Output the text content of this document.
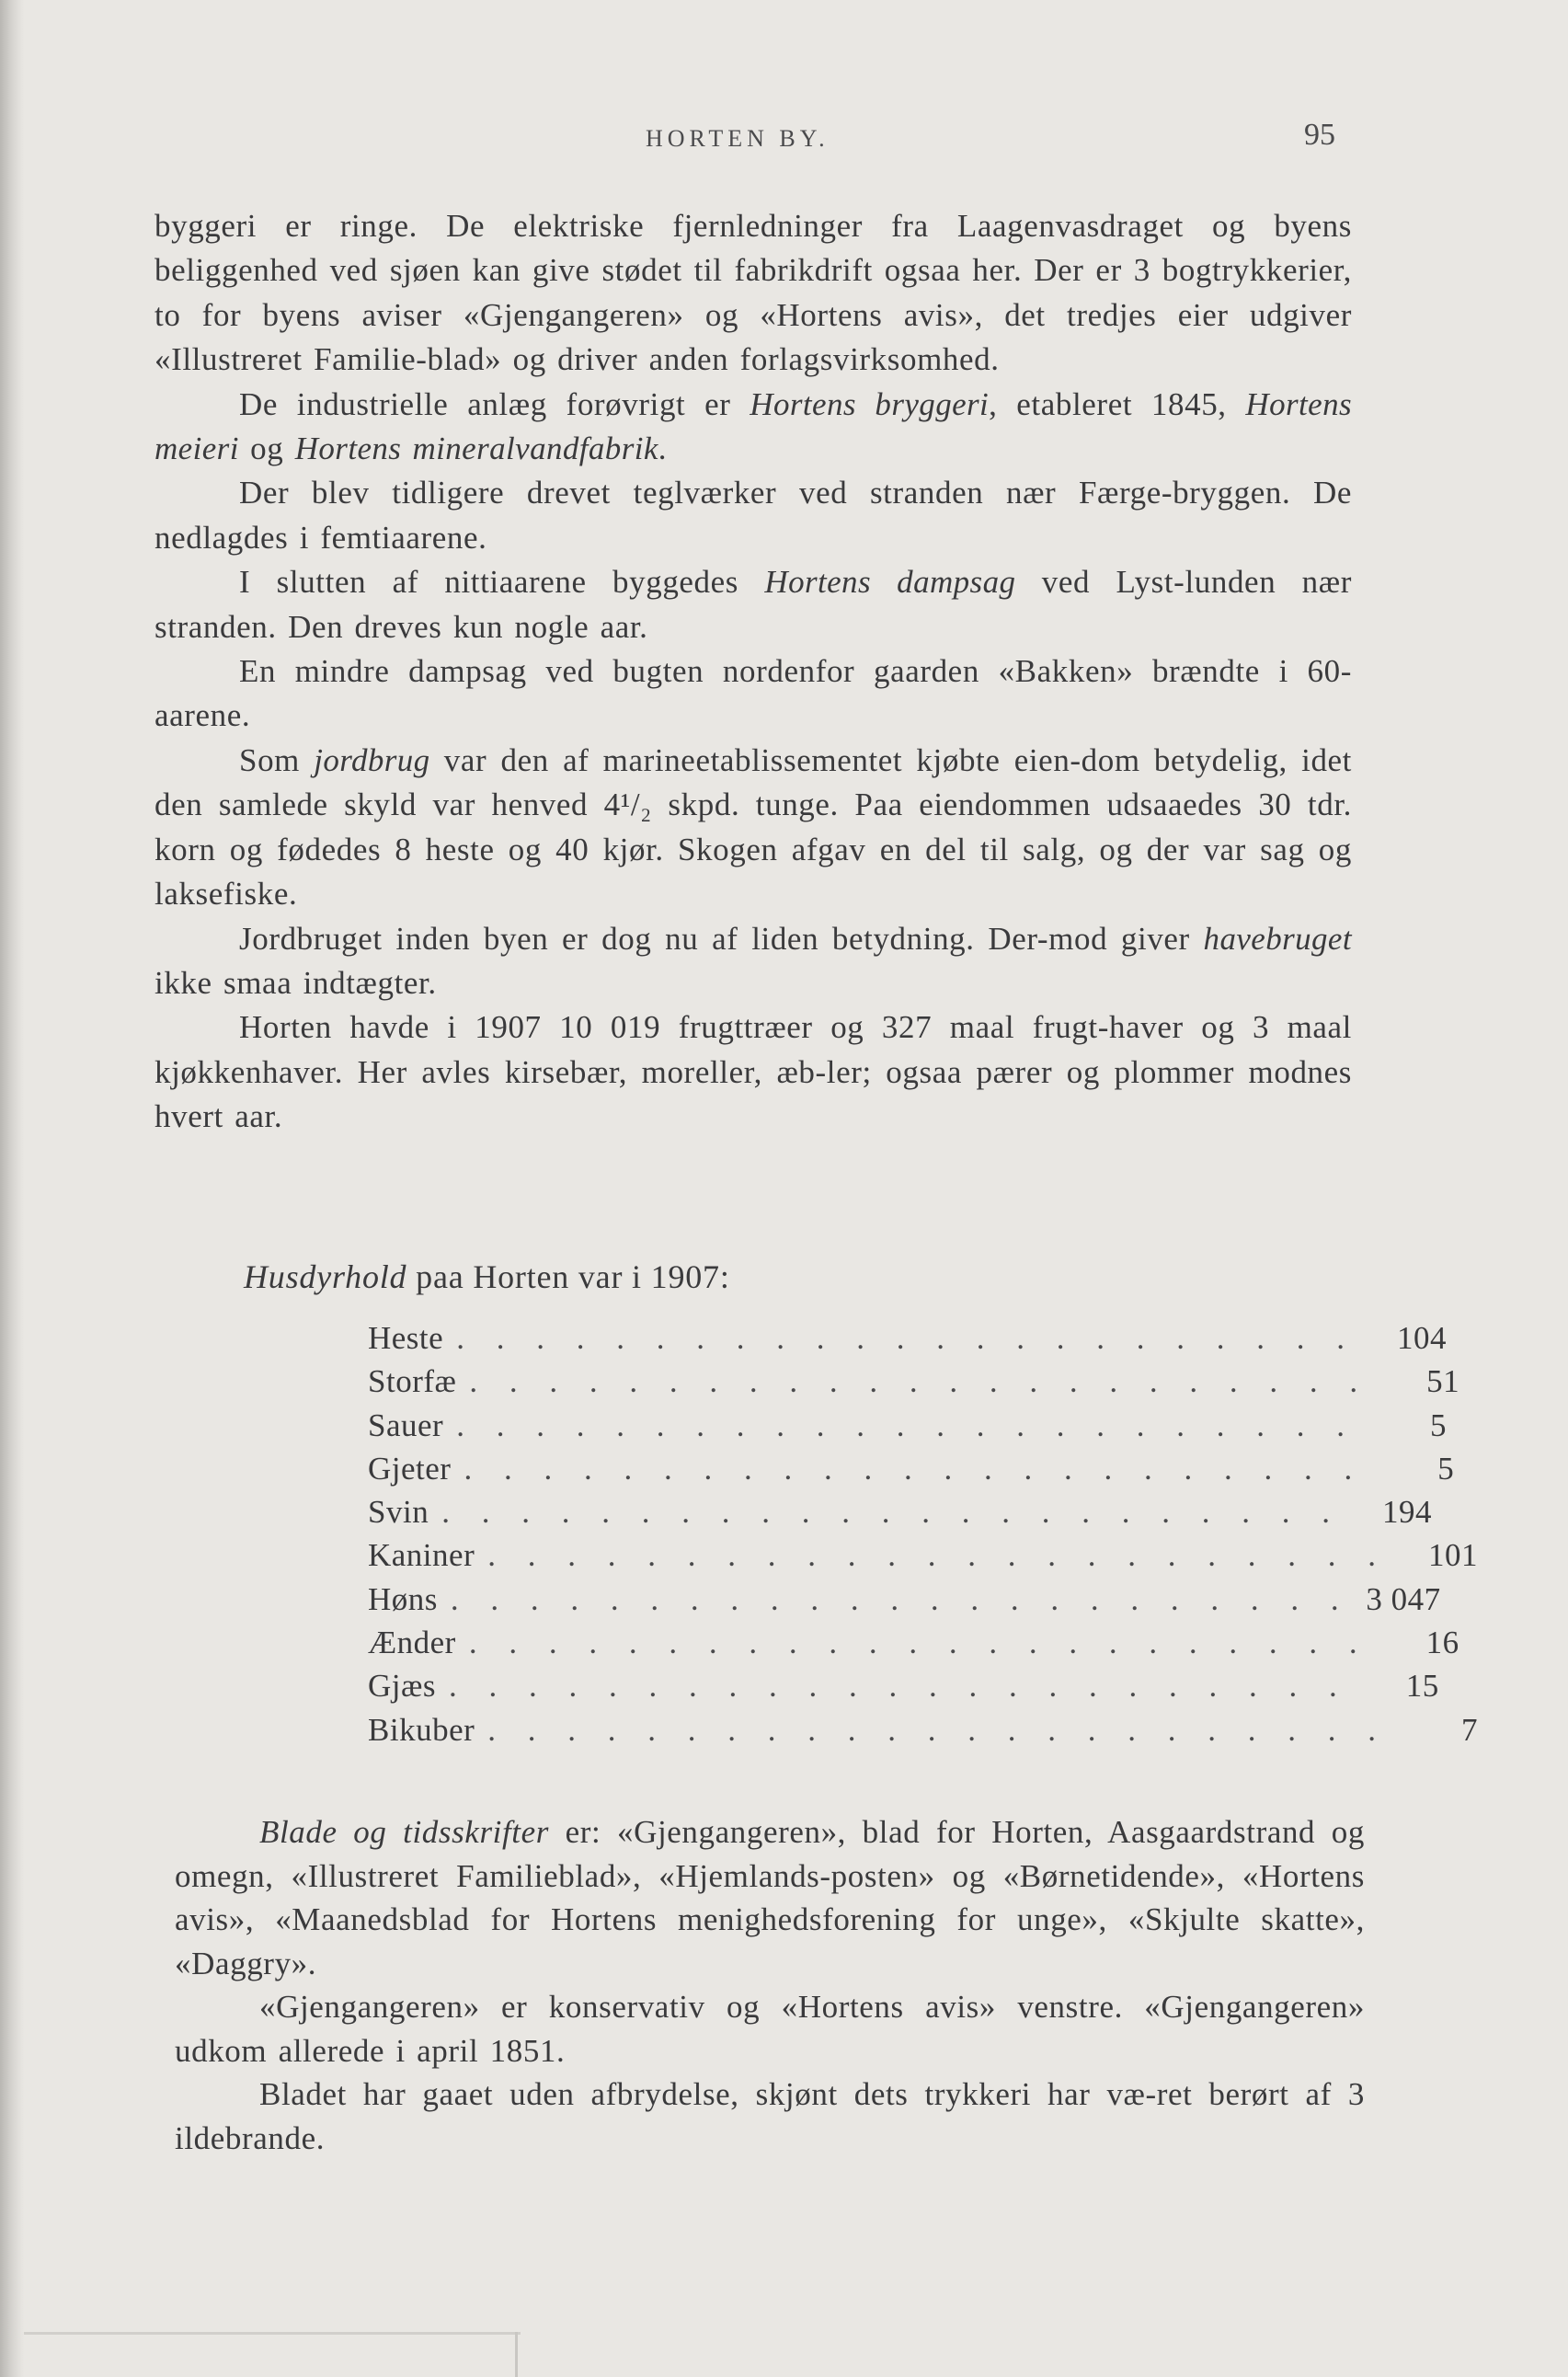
HORTEN BY.	95

byggeri er ringe. De elektriske fjernledninger fra Laagenvasdraget og byens beliggenhed ved sjøen kan give stødet til fabrikdrift ogsaa her. Der er 3 bogtrykkerier, to for byens aviser «Gjengangeren» og «Hortens avis», det tredjes eier udgiver «Illustreret Familie-blad» og driver anden forlagsvirksomhed.

De industrielle anlæg forøvrigt er Hortens bryggeri, etableret 1845, Hortens meieri og Hortens mineralvandfabrik.

Der blev tidligere drevet teglværker ved stranden nær Færge-bryggen. De nedlagdes i femtiaarene.

I slutten af nittiaarene byggedes Hortens dampsag ved Lyst-lunden nær stranden. Den dreves kun nogle aar.

En mindre dampsag ved bugten nordenfor gaarden «Bakken» brændte i 60-aarene.

Som jordbrug var den af marineetablissementet kjøbte eien-dom betydelig, idet den samlede skyld var henved 4¹/₂ skpd. tunge. Paa eiendommen udsaaedes 30 tdr. korn og fødedes 8 heste og 40 kjør. Skogen afgav en del til salg, og der var sag og laksefiske.

Jordbruget inden byen er dog nu af liden betydning. Der-mod giver havebruget ikke smaa indtægter.

Horten havde i 1907 10 019 frugttræer og 327 maal frugt-haver og 3 maal kjøkkenhaver. Her avles kirsebær, moreller, æb-ler; ogsaa pærer og plommer modnes hvert aar.

Husdyrhold paa Horten var i 1907:
Heste . . . . . . . . . . . . . . . . . . . . . . .	104
Storfæ . . . . . . . . . . . . . . . . . . . . . . .	51
Sauer . . . . . . . . . . . . . . . . . . . . . . .	5
Gjeter . . . . . . . . . . . . . . . . . . . . . . .	5
Svin . . . . . . . . . . . . . . . . . . . . . . .	194
Kaniner . . . . . . . . . . . . . . . . . . . . . . .	101
Høns . . . . . . . . . . . . . . . . . . . . . . . 3 047
Ænder . . . . . . . . . . . . . . . . . . . . . . .	16
Gjæs . . . . . . . . . . . . . . . . . . . . . . .	15
Bikuber . . . . . . . . . . . . . . . . . . . . . . .	7

Blade og tidsskrifter er: «Gjengangeren», blad for Horten, Aasgaardstrand og omegn, «Illustreret Familieblad», «Hjemlands-posten» og «Børnetidende», «Hortens avis», «Maanedsblad for Hortens menighedsforening for unge», «Skjulte skatte», «Daggry».

«Gjengangeren» er konservativ og «Hortens avis» venstre. «Gjengangeren» udkom allerede i april 1851.

Bladet har gaaet uden afbrydelse, skjønt dets trykkeri har væ-ret berørt af 3 ildebrande.
